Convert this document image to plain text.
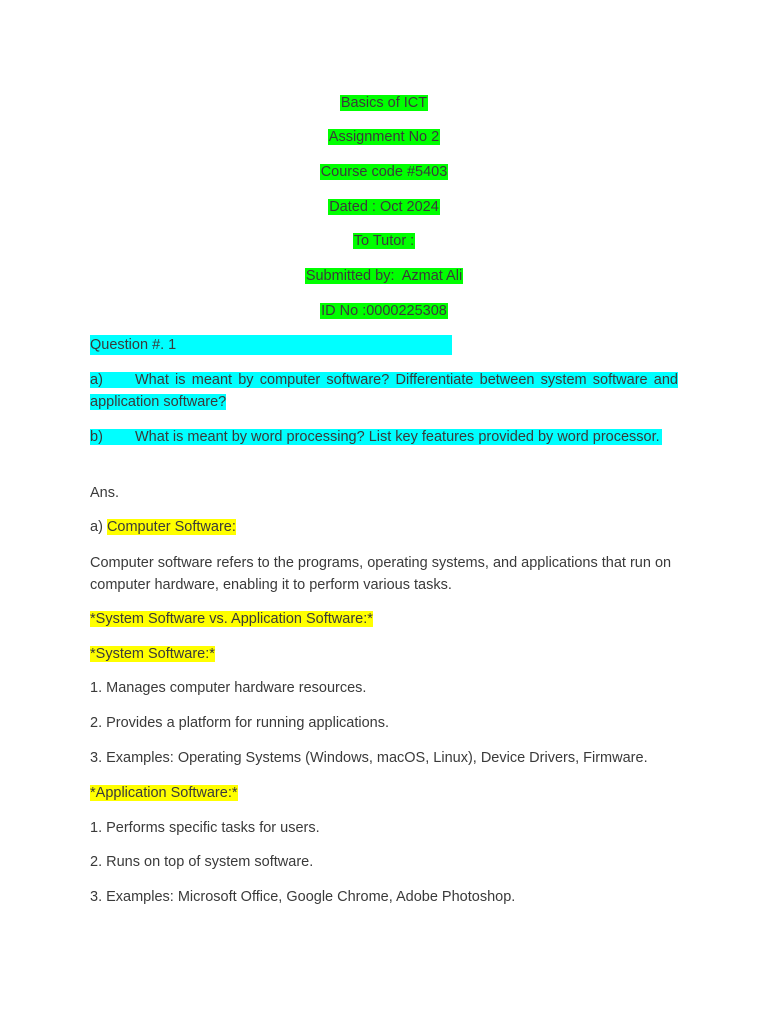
Basics of ICT
Assignment No 2
Course code #5403
Dated : Oct 2024
To Tutor :
Submitted by:  Azmat Ali
ID No :0000225308
Question #. 1
a) What is meant by computer software? Differentiate between system software and application software?
b) What is meant by word processing? List key features provided by word processor.
Ans.
a) Computer Software:
Computer software refers to the programs, operating systems, and applications that run on computer hardware, enabling it to perform various tasks.
*System Software vs. Application Software:*
*System Software:*
1. Manages computer hardware resources.
2. Provides a platform for running applications.
3. Examples: Operating Systems (Windows, macOS, Linux), Device Drivers, Firmware.
*Application Software:*
1. Performs specific tasks for users.
2. Runs on top of system software.
3. Examples: Microsoft Office, Google Chrome, Adobe Photoshop.
